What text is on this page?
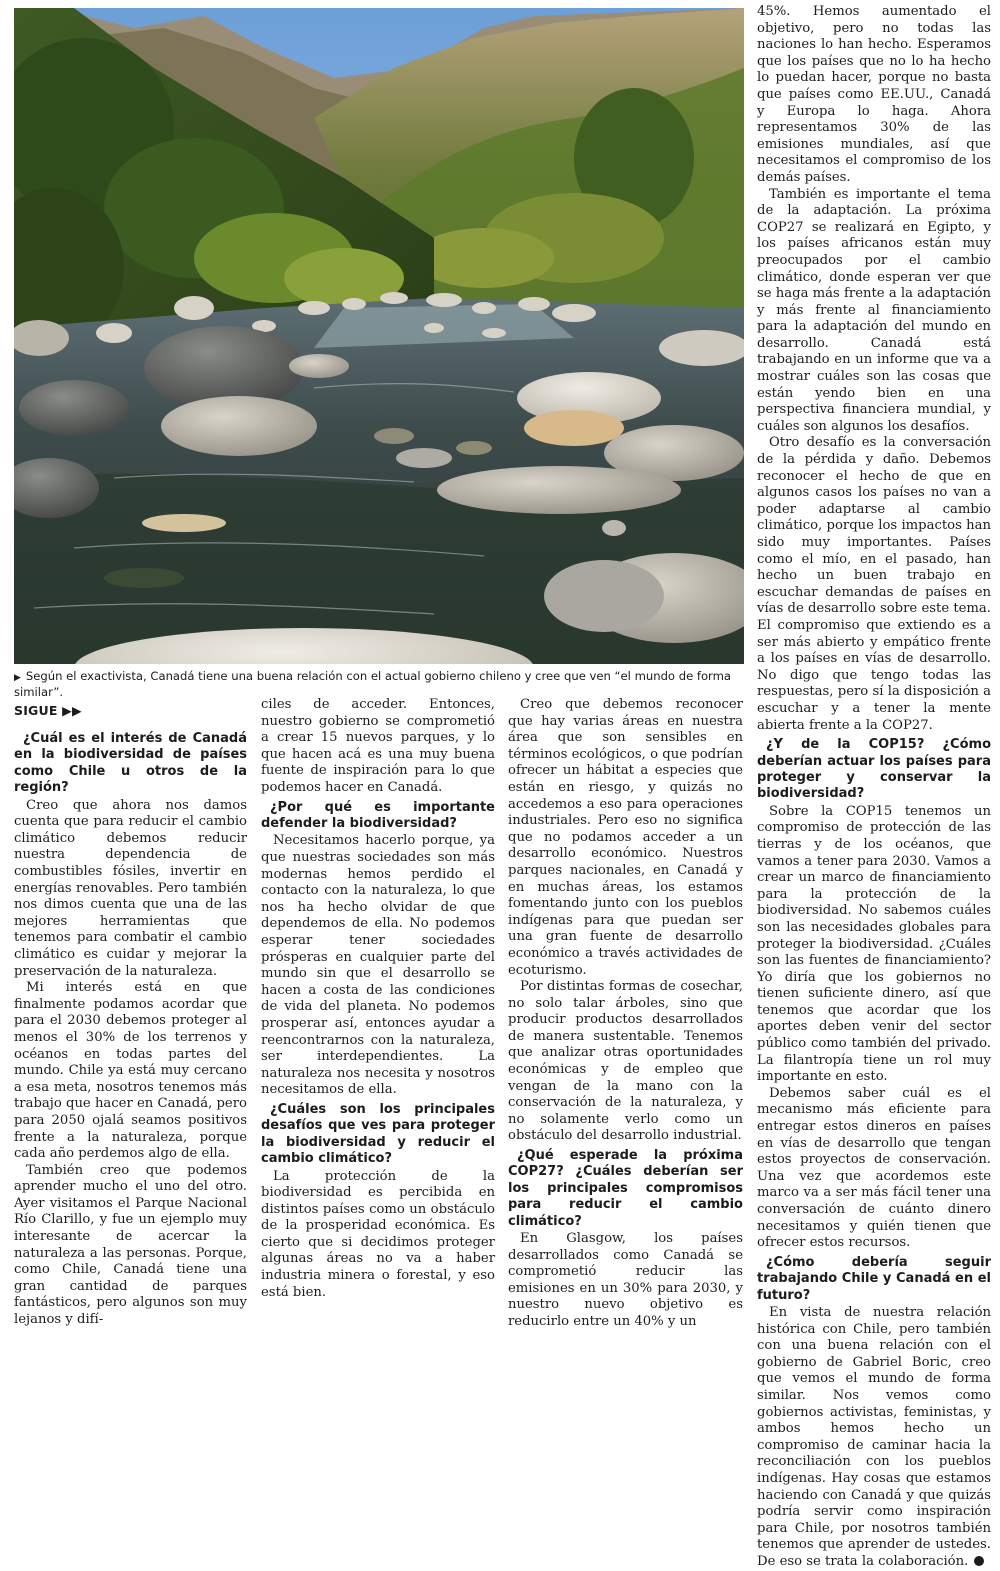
▶ Según el exactivista, Canadá tiene una buena relación con el actual gobierno chileno y cree que ven “el mundo de forma similar”.
SIGUE ▶▶
¿Cuál es el interés de Canadá en la biodiversidad de países como Chile u otros de la región?

Creo que ahora nos damos cuenta que para reducir el cambio climático debemos reducir nuestra dependencia de combustibles fósiles, invertir en energías renovables. Pero también nos dimos cuenta que una de las mejores herramientas que tenemos para combatir el cambio climático es cuidar y mejorar la preservación de la naturaleza.

Mi interés está en que finalmente podamos acordar que para el 2030 debemos proteger al menos el 30% de los terrenos y océanos en todas partes del mundo. Chile ya está muy cercano a esa meta, nosotros tenemos más trabajo que hacer en Canadá, pero para 2050 ojalá seamos positivos frente a la naturaleza, porque cada año perdemos algo de ella.

También creo que podemos aprender mucho el uno del otro. Ayer visitamos el Parque Nacional Río Clarillo, y fue un ejemplo muy interesante de acercar la naturaleza a las personas. Porque, como Chile, Canadá tiene una gran cantidad de parques fantásticos, pero algunos son muy lejanos y difí-

ciles de acceder. Entonces, nuestro gobierno se comprometió a crear 15 nuevos parques, y lo que hacen acá es una muy buena fuente de inspiración para lo que podemos hacer en Canadá.

¿Por qué es importante defender la biodiversidad?

Necesitamos hacerlo porque, ya que nuestras sociedades son más modernas hemos perdido el contacto con la naturaleza, lo que nos ha hecho olvidar de que dependemos de ella. No podemos esperar tener sociedades prósperas en cualquier parte del mundo sin que el desarrollo se hacen a costa de las condiciones de vida del planeta. No podemos prosperar así, entonces ayudar a reencontrarnos con la naturaleza, ser interdependientes. La naturaleza nos necesita y nosotros necesitamos de ella.

¿Cuáles son los principales desafíos que ves para proteger la biodiversidad y reducir el cambio climático?

La protección de la biodiversidad es percibida en distintos países como un obstáculo de la prosperidad económica. Es cierto que si decidimos proteger algunas áreas no va a haber industria minera o forestal, y eso está bien.

Creo que debemos reconocer que hay varias áreas en nuestra área que son sensibles en términos ecológicos, o que podrían ofrecer un hábitat a especies que están en riesgo, y quizás no accedemos a eso para operaciones industriales. Pero eso no significa que no podamos acceder a un desarrollo económico. Nuestros parques nacionales, en Canadá y en muchas áreas, los estamos fomentando junto con los pueblos indígenas para que puedan ser una gran fuente de desarrollo económico a través actividades de ecoturismo.

Por distintas formas de cosechar, no solo talar árboles, sino que producir productos desarrollados de manera sustentable. Tenemos que analizar otras oportunidades económicas y de empleo que vengan de la mano con la conservación de la naturaleza, y no solamente verlo como un obstáculo del desarrollo industrial.

¿Qué esperade la próxima COP27? ¿Cuáles deberían ser los principales compromisos para reducir el cambio climático?

En Glasgow, los países desarrollados como Canadá se comprometió reducir las emisiones en un 30% para 2030, y nuestro nuevo objetivo es reducirlo entre un 40% y un

45%. Hemos aumentado el objetivo, pero no todas las naciones lo han hecho. Esperamos que los países que no lo ha hecho lo puedan hacer, porque no basta que países como EE.UU., Canadá y Europa lo haga. Ahora representamos 30% de las emisiones mundiales, así que necesitamos el compromiso de los demás países.

También es importante el tema de la adaptación. La próxima COP27 se realizará en Egipto, y los países africanos están muy preocupados por el cambio climático, donde esperan ver que se haga más frente a la adaptación y más frente al financiamiento para la adaptación del mundo en desarrollo. Canadá está trabajando en un informe que va a mostrar cuáles son las cosas que están yendo bien en una perspectiva financiera mundial, y cuáles son algunos los desafíos.

Otro desafío es la conversación de la pérdida y daño. Debemos reconocer el hecho de que en algunos casos los países no van a poder adaptarse al cambio climático, porque los impactos han sido muy importantes. Países como el mío, en el pasado, han hecho un buen trabajo en escuchar demandas de países en vías de desarrollo sobre este tema. El compromiso que extiendo es a ser más abierto y empático frente a los países en vías de desarrollo. No digo que tengo todas las respuestas, pero sí la disposición a escuchar y a tener la mente abierta frente a la COP27.

¿Y de la COP15? ¿Cómo deberían actuar los países para proteger y conservar la biodiversidad?

Sobre la COP15 tenemos un compromiso de protección de las tierras y de los océanos, que vamos a tener para 2030. Vamos a crear un marco de financiamiento para la protección de la biodiversidad. No sabemos cuáles son las necesidades globales para proteger la biodiversidad. ¿Cuáles son las fuentes de financiamiento? Yo diría que los gobiernos no tienen suficiente dinero, así que tenemos que acordar que los aportes deben venir del sector público como también del privado. La filantropía tiene un rol muy importante en esto.

Debemos saber cuál es el mecanismo más eficiente para entregar estos dineros en países en vías de desarrollo que tengan estos proyectos de conservación. Una vez que acordemos este marco va a ser más fácil tener una conversación de cuánto dinero necesitamos y quién tienen que ofrecer estos recursos.

¿Cómo debería seguir trabajando Chile y Canadá en el futuro?

En vista de nuestra relación histórica con Chile, pero también con una buena relación con el gobierno de Gabriel Boric, creo que vemos el mundo de forma similar. Nos vemos como gobiernos activistas, feministas, y ambos hemos hecho un compromiso de caminar hacia la reconciliación con los pueblos indígenas. Hay cosas que estamos haciendo con Canadá y que quizás podría servir como inspiración para Chile, por nosotros también tenemos que aprender de ustedes. De eso se trata la colaboración.
